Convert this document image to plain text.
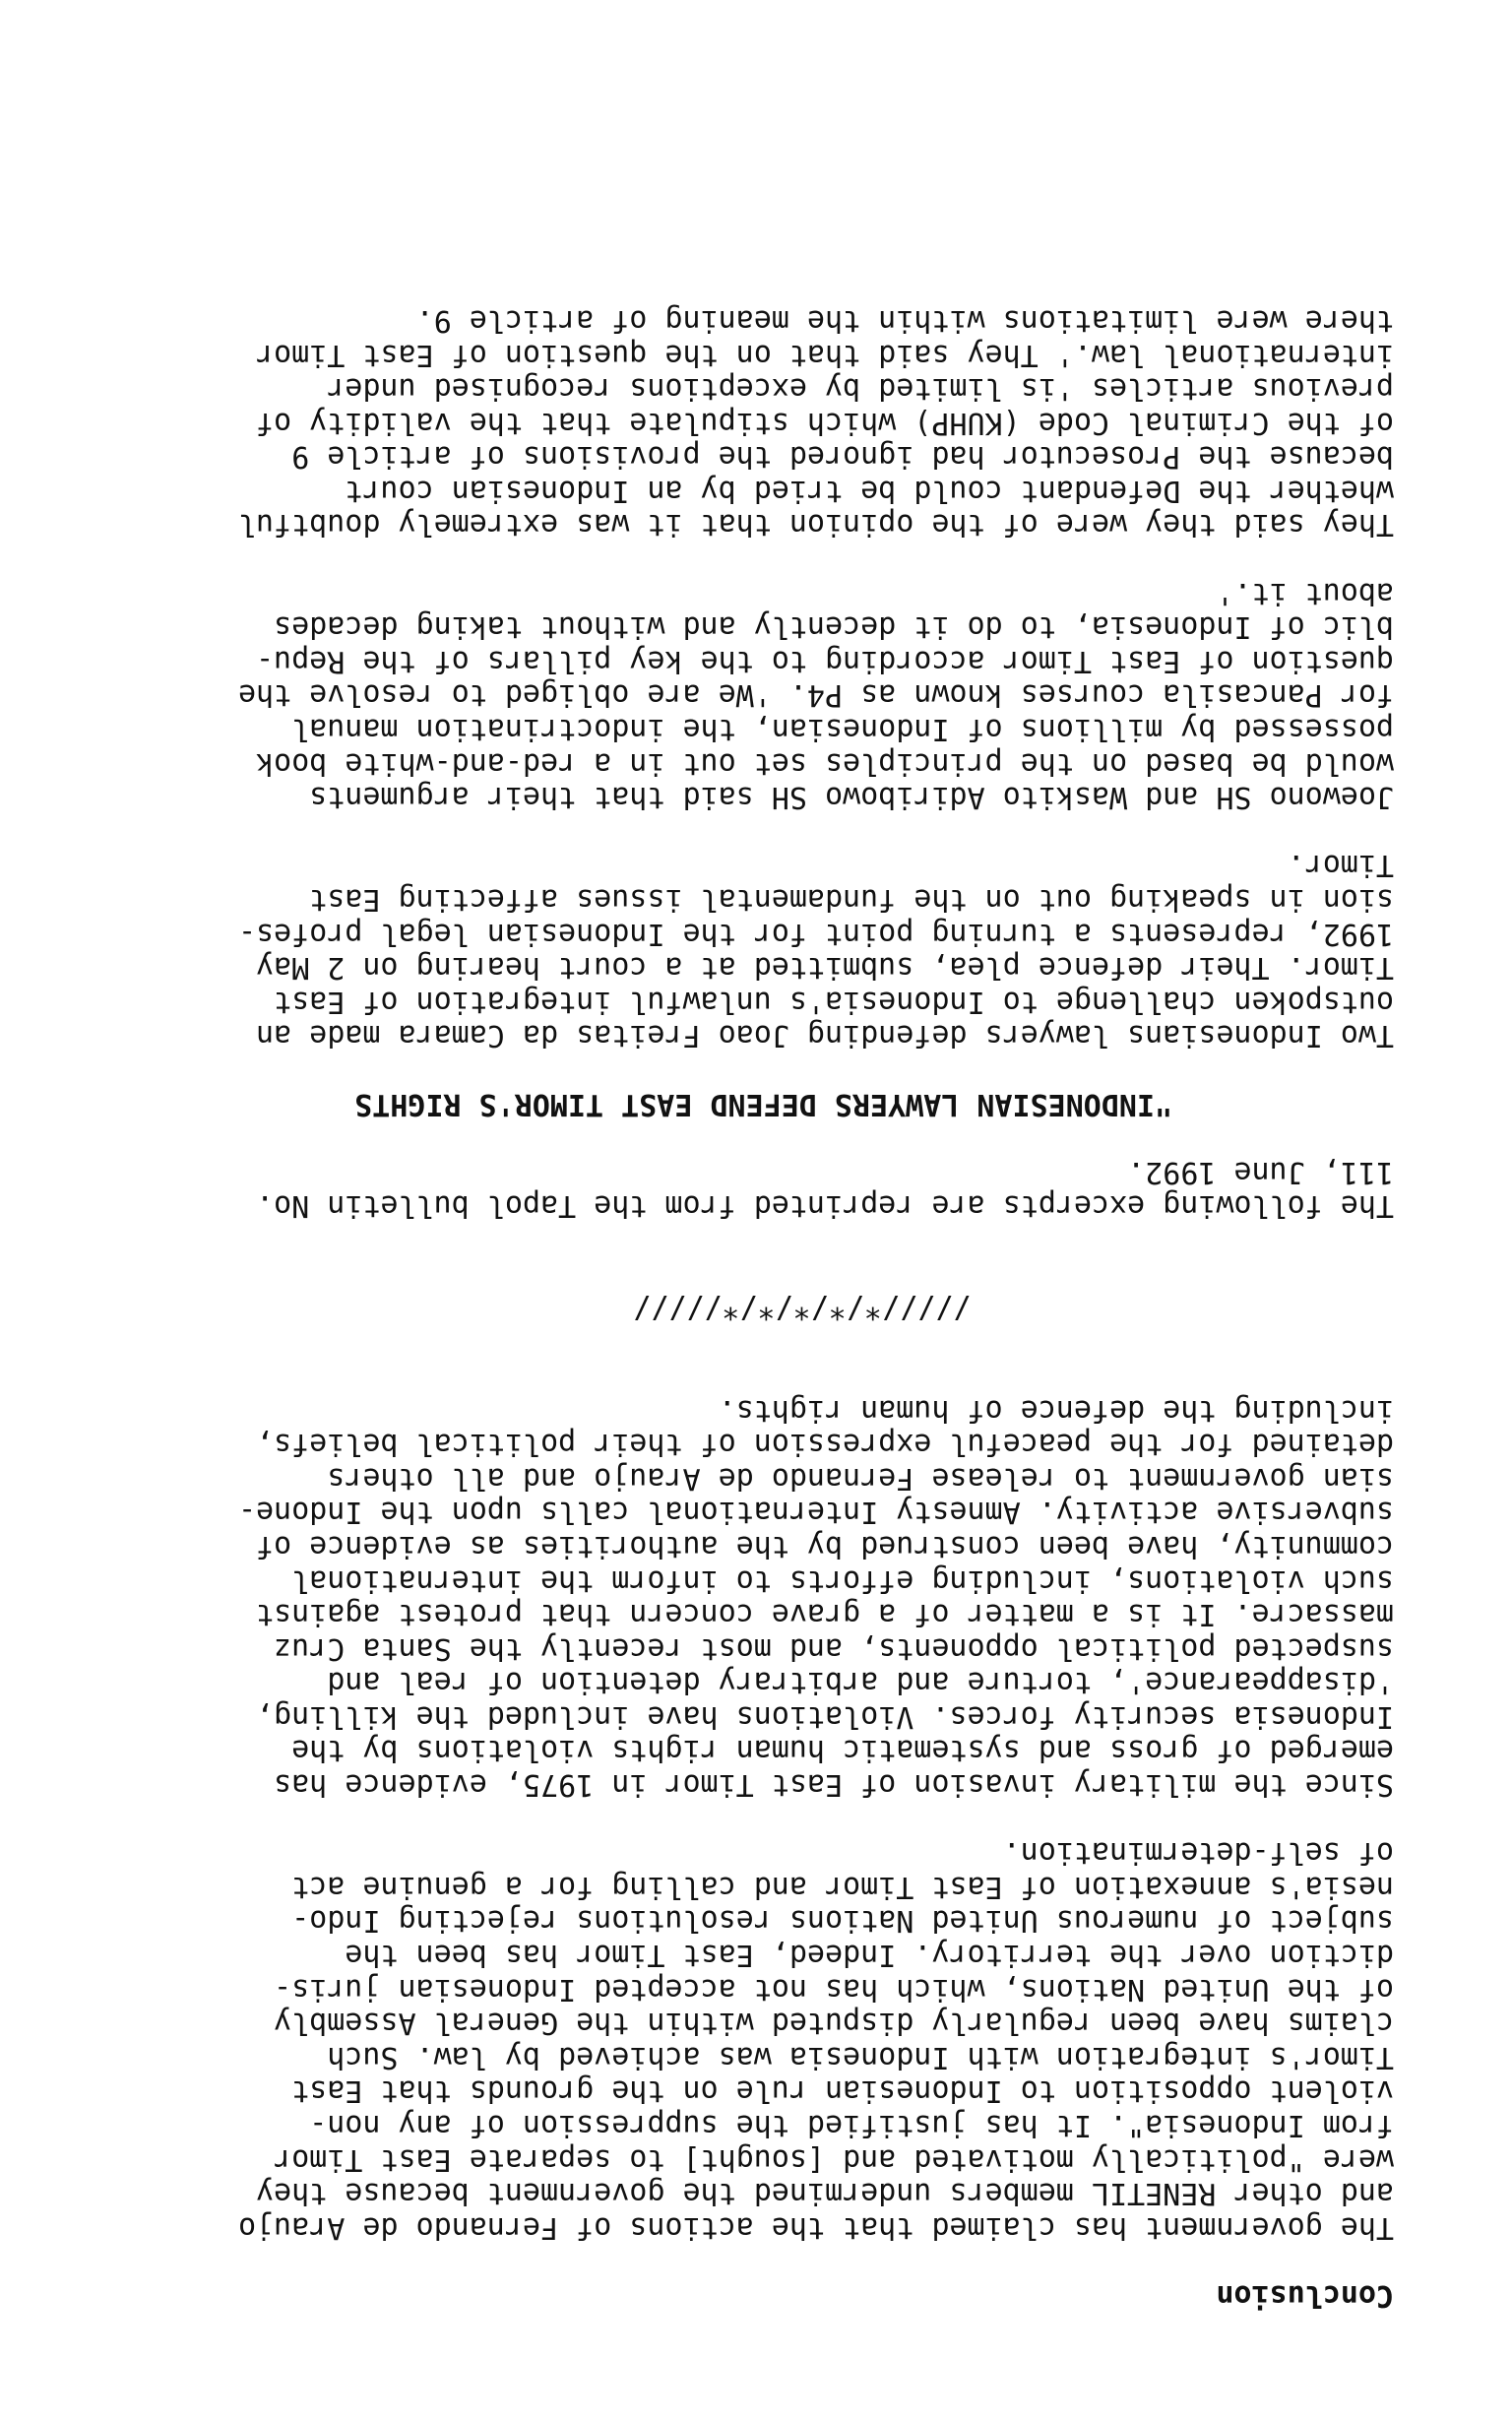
Conclusion
The government has claimed that the actions of Fernando de Araujo
and other RENETIL members undermined the government because they
were "politically motivated and [sought] to separate East Timor
from Indonesia". It has justified the suppression of any non-
violent opposition to Indonesian rule on the grounds that East
Timor's integration with Indonesia was achieved by law. Such
claims have been regularly disputed within the General Assembly
of the United Nations, which has not accepted Indonesian juris-
diction over the territory. Indeed, East Timor has been the
subject of numerous United Nations resolutions rejecting Indo-
nesia's annexation of East Timor and calling for a genuine act
of self-determination.
Since the military invasion of East Timor in 1975, evidence has
emerged of gross and systematic human rights violations by the
Indonesia security forces. Violations have included the killing,
'disappearance', torture and arbitrary detention of real and
suspected political opponents, and most recently the Santa Cruz
massacre. It is a matter of a grave concern that protest against
such violations, including efforts to inform the international
community, have been construed by the authorities as evidence of
subversive activity. Amnesty International calls upon the Indone-
sian government to release Fernando de Araujo and all others
detained for the peaceful expression of their political beliefs,
including the defence of human rights.
/////*/*/*/*/*/////
The following excerpts are reprinted from the Tapol bulletin No.
111, June 1992.
"INDONESIAN LAWYERS DEFEND EAST TIMOR'S RIGHTS
Two Indonesians lawyers defending Joao Freitas da Camara made an
outspoken challenge to Indonesia's unlawful integration of East
Timor. Their defence plea, submitted at a court hearing on 2 May
1992, represents a turning point for the Indonesian legal profes-
sion in speaking out on the fundamental issues affecting East
Timor.
Joewono SH and Waskito Adiribowo SH said that their arguments
would be based on the principles set out in a red-and-white book
possessed by millions of Indonesian, the indoctrination manual
for Pancasila courses known as P4. 'We are obliged to resolve the
question of East Timor according to the key pillars of the Repu-
blic of Indonesia, to do it decently and without taking decades
about it.'
They said they were of the opinion that it was extremely doubtful
whether the Defendant could be tried by an Indonesian court
because the Prosecutor had ignored the provisions of article 9
of the Criminal Code (KUHP) which stipulate that the validity of
previous articles 'is limited by exceptions recognised under
international law.' They said that on the question of East Timor
there were limitations within the meaning of article 9.
